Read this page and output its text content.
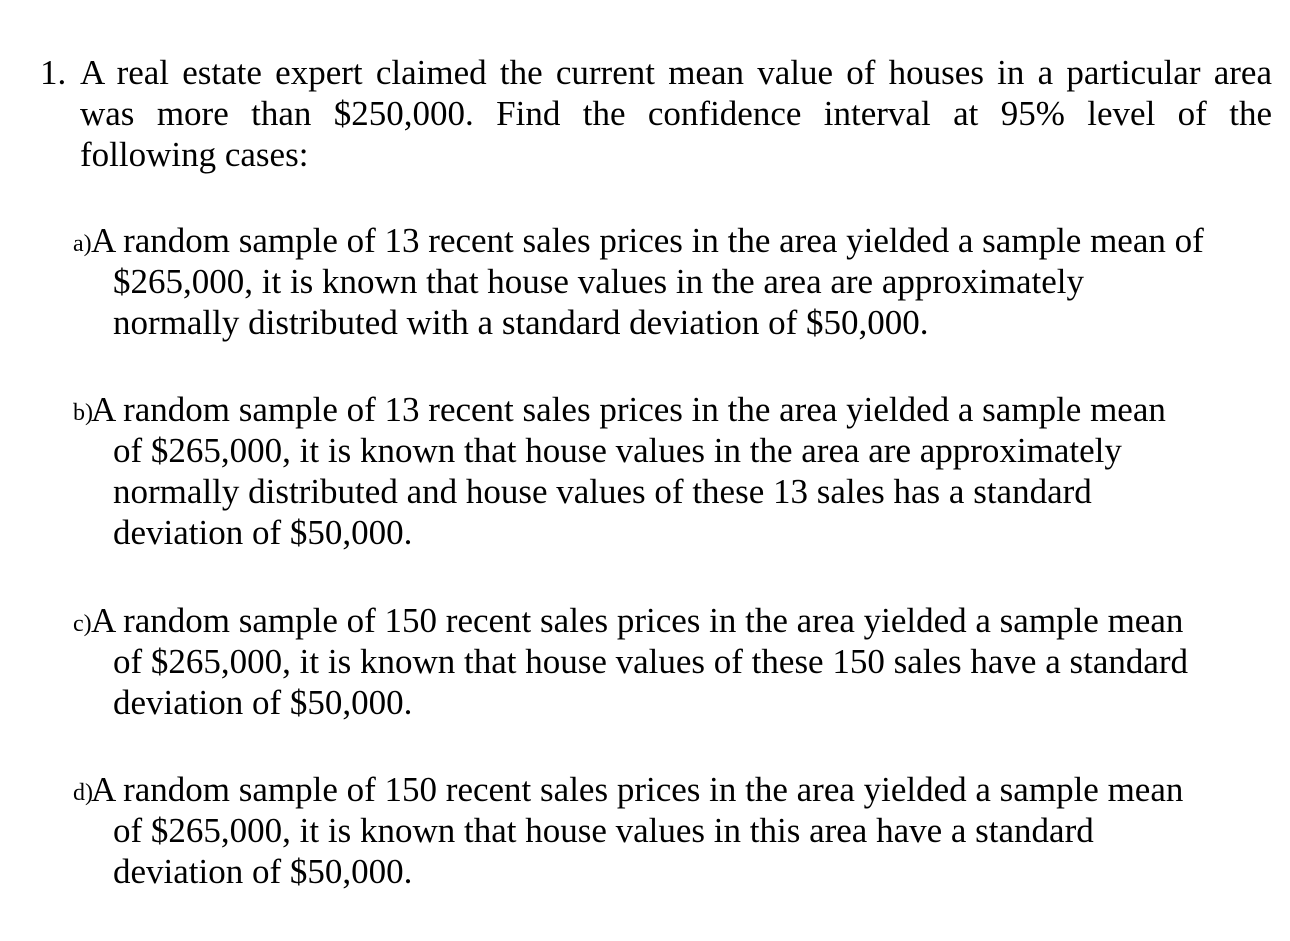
1. A real estate expert claimed the current mean value of houses in a particular area
was more than $250,000. Find the confidence interval at 95% level of the
following cases:
a) A random sample of 13 recent sales prices in the area yielded a sample mean of
$265,000, it is known that house values in the area are approximately
normally distributed with a standard deviation of $50,000.
b)
A random sample of 13 recent sales prices in the area yielded a sample mean
of $265,000, it is known that house values in the area are approximately
normally distributed and house values of these 13 sales has a standard
deviation of $50,000.
c) A random sample of 150 recent sales prices in the area yielded a sample mean
of $265,000, it is known that house values of these 150 sales have a standard
deviation of $50,000.
d)
A random sample of 150 recent sales prices in the area yielded a sample mean
of $265,000, it is known that house values in this area have a standard
deviation of $50,000.
